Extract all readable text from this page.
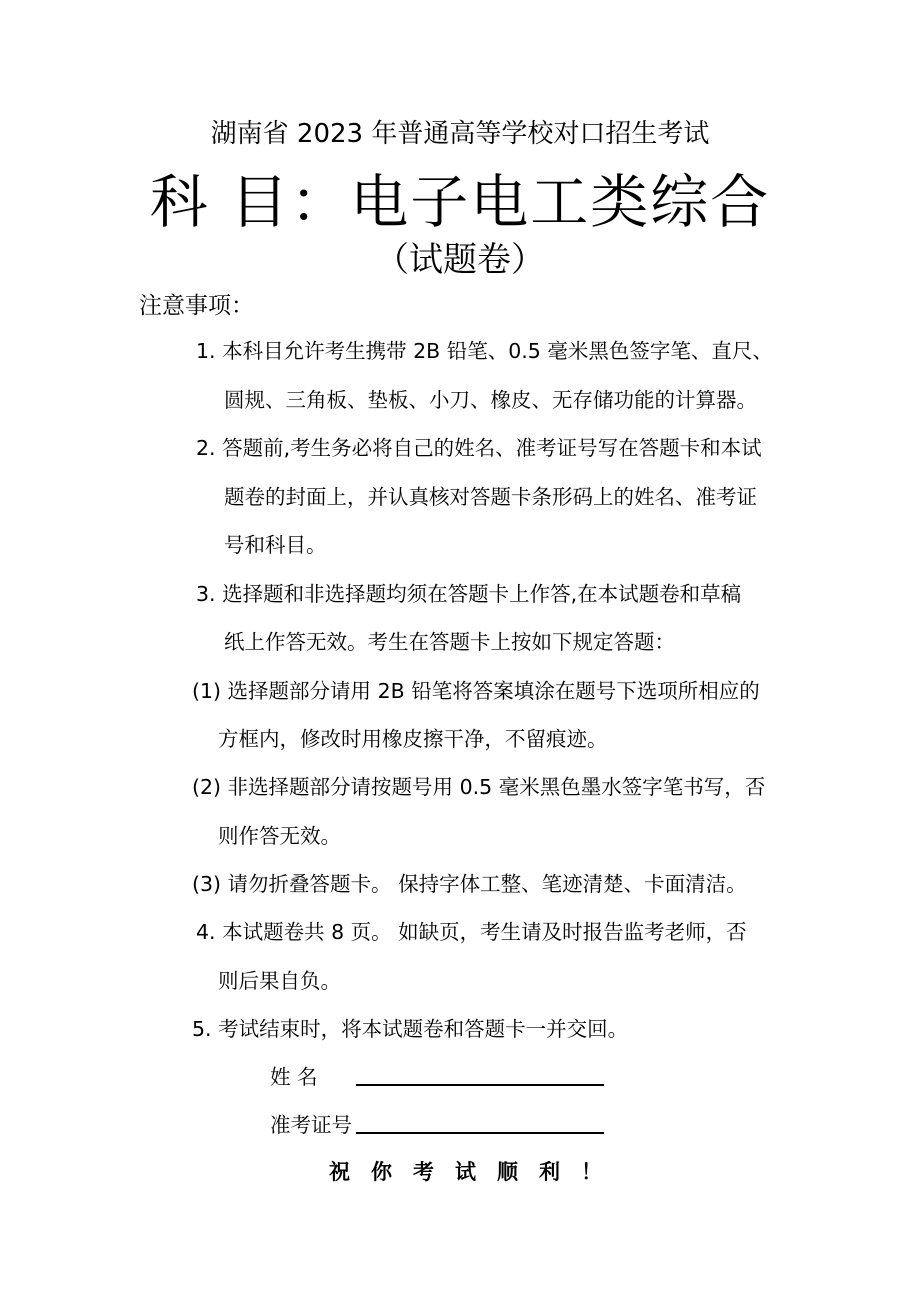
湖南省 2023 年普通高等学校对口招生考试
科 目：电子电工类综合
（试题卷）
注意事项：
1. 本科目允许考生携带 2B 铅笔、0.5 毫米黑色签字笔、直尺、
圆规、三角板、垫板、小刀、橡皮、无存储功能的计算器。
2. 答题前,考生务必将自己的姓名、准考证号写在答题卡和本试
题卷的封面上，并认真核对答题卡条形码上的姓名、准考证
号和科目。
3. 选择题和非选择题均须在答题卡上作答,在本试题卷和草稿
纸上作答无效。考生在答题卡上按如下规定答题：
(1) 选择题部分请用 2B 铅笔将答案填涂在题号下选项所相应的
方框内，修改时用橡皮擦干净，不留痕迹。
(2) 非选择题部分请按题号用 0.5 毫米黑色墨水签字笔书写，否
则作答无效。
(3) 请勿折叠答题卡。 保持字体工整、笔迹清楚、卡面清洁。
4. 本试题卷共 8 页。 如缺页，考生请及时报告监考老师，否
则后果自负。
5. 考试结束时，将本试题卷和答题卡一并交回。
姓 名
准考证号
祝你考试顺利！
